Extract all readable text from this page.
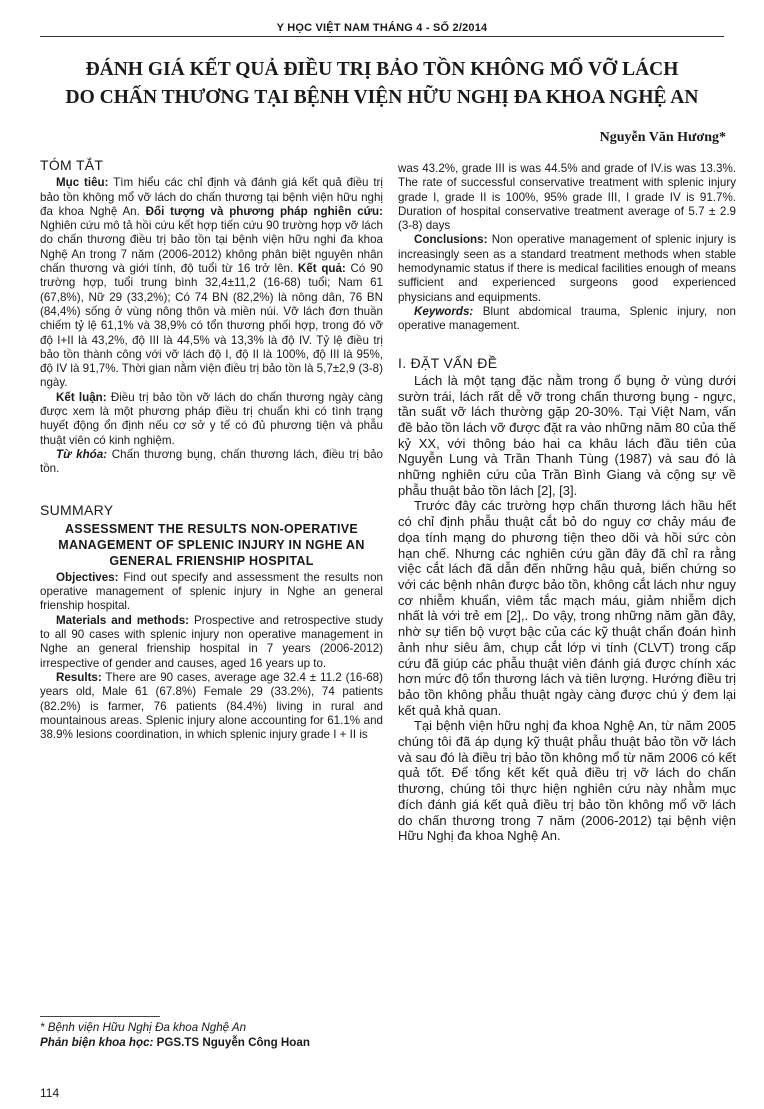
Y HỌC VIỆT NAM THÁNG 4 - SỐ 2/2014
ĐÁNH GIÁ KẾT QUẢ ĐIỀU TRỊ BẢO TỒN KHÔNG MỔ VỠ LÁCH
DO CHẤN THƯƠNG TẠI BỆNH VIỆN HỮU NGHỊ ĐA KHOA NGHỆ AN
Nguyễn Văn Hương*

TÓM TẮT

Mục tiêu: Tìm hiểu các chỉ định và đánh giá kết quả điều trị bảo tồn không mổ vỡ lách do chấn thương tại bệnh viện hữu nghị đa khoa Nghệ An. Đối tượng và phương pháp nghiên cứu: Nghiên cứu mô tả hồi cứu kết hợp tiến cứu 90 trường hợp vỡ lách do chấn thương điều trị bảo tồn tại bệnh viện hữu nghi đa khoa Nghệ An trong 7 năm (2006-2012) không phân biệt nguyên nhân chấn thương và giới tính, độ tuổi từ 16 trở lên. Kết quả: Có 90 trường hợp, tuổi trung bình 32,4±11,2 (16-68) tuổi; Nam 61 (67,8%), Nữ 29 (33,2%); Có 74 BN (82,2%) là nông dân, 76 BN (84,4%) sống ở vùng nông thôn và miền núi. Vỡ lách đơn thuần chiếm tỷ lệ 61,1% và 38,9% có tổn thương phối hợp, trong đó vỡ độ I+II là 43,2%, độ III là 44,5% và 13,3% là độ IV. Tỷ lệ điều trị bảo tồn thành công với vỡ lách độ I, độ II là 100%, độ III là 95%, độ IV là 91,7%. Thời gian nằm viện điều trị bảo tồn là 5,7±2,9 (3-8) ngày.

Kết luận: Điều trị bảo tồn vỡ lách do chấn thương ngày càng được xem là một phương pháp điều trị chuẩn khi có tình trạng huyết động ổn định nếu cơ sở y tế có đủ phương tiện và phẫu thuật viên có kinh nghiệm.

Từ khóa: Chấn thương bụng, chấn thương lách, điều trị bảo tồn.

SUMMARY

ASSESSMENT THE RESULTS NON-OPERATIVE MANAGEMENT OF SPLENIC INJURY IN NGHE AN GENERAL FRIENSHIP HOSPITAL

Objectives: Find out specify and assessment the results non operative management of splenic injury in Nghe an general frienship hospital.

Materials and methods: Prospective and retrospective study to all 90 cases with splenic injury non operative management in Nghe an general frienship hospital in 7 years (2006-2012) irrespective of gender and causes, aged 16 years up to.

Results: There are 90 cases, average age 32.4 ± 11.2 (16-68) years old, Male 61 (67.8%) Female 29 (33.2%), 74 patients (82.2%) is farmer, 76 patients (84.4%) living in rural and mountainous areas. Splenic injury alone accounting for 61.1% and 38.9% lesions coordination, in which splenic injury grade I + II is

was 43.2%, grade III is was 44.5% and grade of IV.is was 13.3%. The rate of successful conservative treatment with splenic injury grade I, grade II is 100%, 95% grade III, I grade IV is 91.7%. Duration of hospital conservative treatment average of 5.7 ± 2.9 (3-8) days

Conclusions: Non operative management of splenic injury is increasingly seen as a standard treatment methods when stable hemodynamic status if there is medical facilities enough of means sufficient and experienced surgeons good experienced physicians and equipments.

Keywords: Blunt abdomical trauma, Splenic injury, non operative management.

I. ĐẶT VẤN ĐỀ

Lách là một tạng đặc nằm trong ổ bụng ở vùng dưới sườn trái, lách rất dễ vỡ trong chấn thương bụng - ngực, tần suất vỡ lách thường gặp 20-30%. Tại Việt Nam, vấn đề bảo tồn lách vỡ được đặt ra vào những năm 80 của thế kỷ XX, với thông báo hai ca khâu lách đầu tiên của Nguyễn Lung và Trần Thanh Tùng (1987) và sau đó là những nghiên cứu của Trần Bình Giang và cộng sự về phẫu thuật bảo tồn lách [2], [3].

Trước đây các trường hợp chấn thương lách hầu hết có chỉ định phẫu thuật cắt bỏ do nguy cơ chảy máu đe dọa tính mạng do phương tiện theo dõi và hồi sức còn hạn chế. Nhưng các nghiên cứu gần đây đã chỉ ra rằng việc cắt lách đã dẫn đến những hậu quả, biến chứng so với các bệnh nhân được bảo tồn, không cắt lách như nguy cơ nhiễm khuẩn, viêm tắc mạch máu, giảm nhiễm dịch nhất là với trẻ em [2],. Do vậy, trong những năm gần đây, nhờ sự tiến bộ vượt bậc của các kỹ thuật chẩn đoán hình ảnh như siêu âm, chụp cắt lớp vi tính (CLVT) trong cấp cứu đã giúp các phẫu thuật viên đánh giá được chính xác hơn mức độ tổn thương lách và tiên lượng. Hướng điều trị bảo tồn không phẫu thuật ngày càng được chú ý đem lại kết quả khả quan.

Tại bệnh viện hữu nghị đa khoa Nghệ An, từ năm 2005 chúng tôi đã áp dụng kỹ thuật phẫu thuật bảo tồn vỡ lách và sau đó là điều trị bảo tồn không mổ từ năm 2006 có kết quả tốt. Để tổng kết kết quả điều trị vỡ lách do chấn thương, chúng tôi thực hiện nghiên cứu này nhằm mục đích đánh giá kết quả điều trị bảo tồn không mổ vỡ lách do chấn thương trong 7 năm (2006-2012) tại bệnh viện Hữu Nghị đa khoa Nghệ An.

* Bệnh viện Hữu Nghị Đa khoa Nghệ An
Phản biện khoa học: PGS.TS Nguyễn Công Hoan
114
